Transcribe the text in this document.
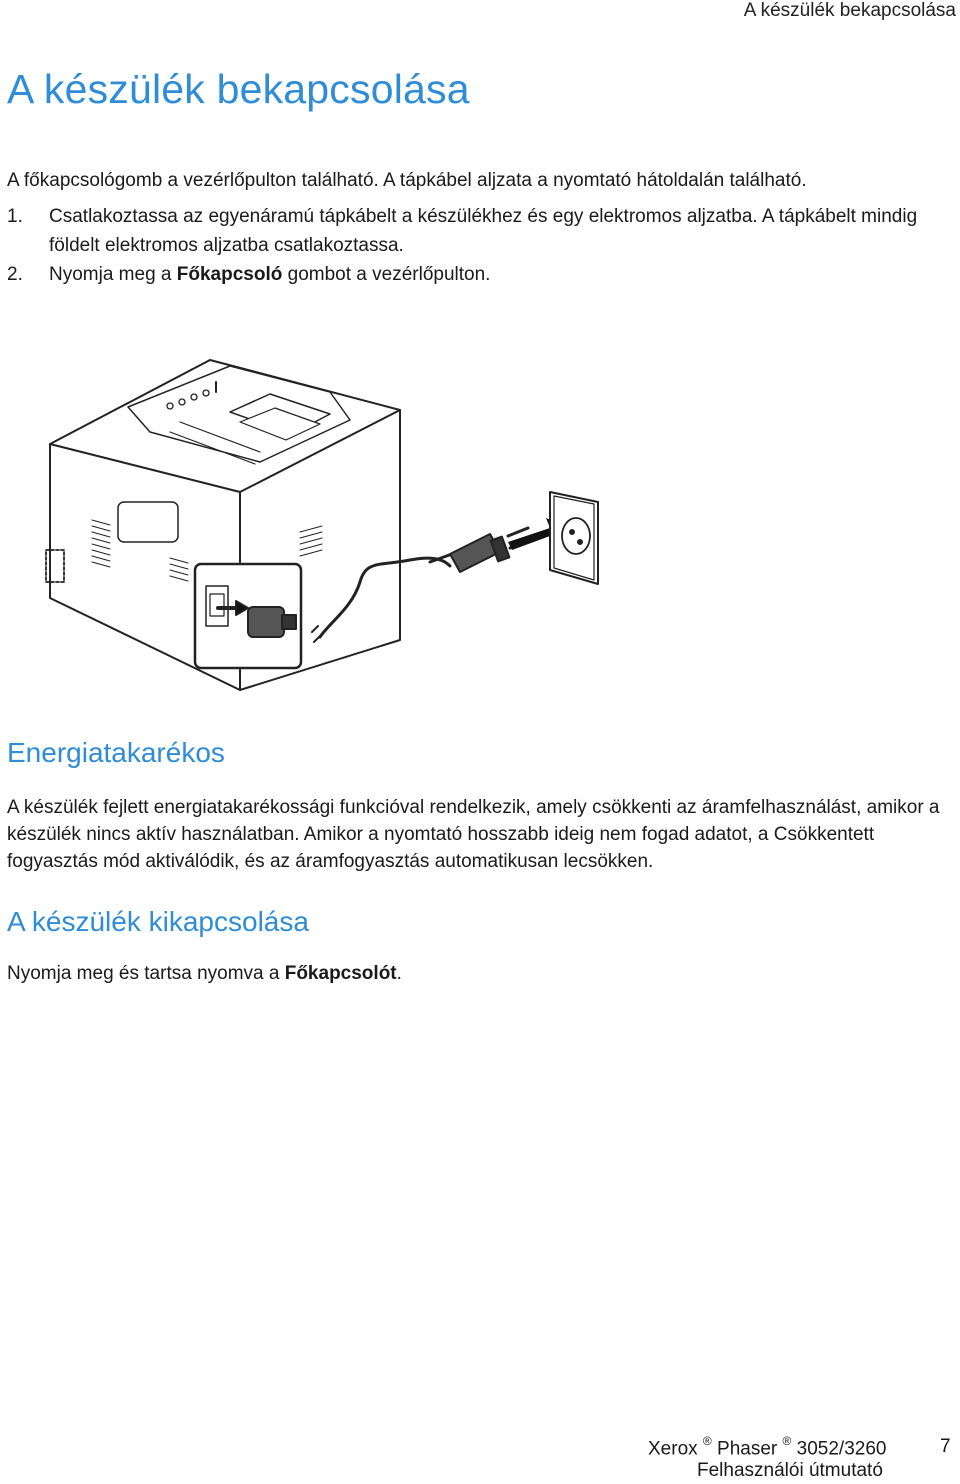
A készülék bekapcsolása
A készülék bekapcsolása

A főkapcsológomb a vezérlőpulton található. A tápkábel aljzata a nyomtató hátoldalán található.

1. Csatlakoztassa az egyenáramú tápkábelt a készülékhez és egy elektromos aljzatba. A tápkábelt mindig földelt elektromos aljzatba csatlakoztassa.
2. Nyomja meg a Főkapcsoló gombot a vezérlőpulton.
Energiatakarékos

A készülék fejlett energiatakarékossági funkcióval rendelkezik, amely csökkenti az áramfelhasználást, amikor a készülék nincs aktív használatban. Amikor a nyomtató hosszabb ideig nem fogad adatot, a Csökkentett fogyasztás mód aktiválódik, és az áramfogyasztás automatikusan lecsökken.

A készülék kikapcsolása

Nyomja meg és tartsa nyomva a Főkapcsolót.

Xerox ® Phaser ® 3052/3260
Felhasználói útmutató
7
